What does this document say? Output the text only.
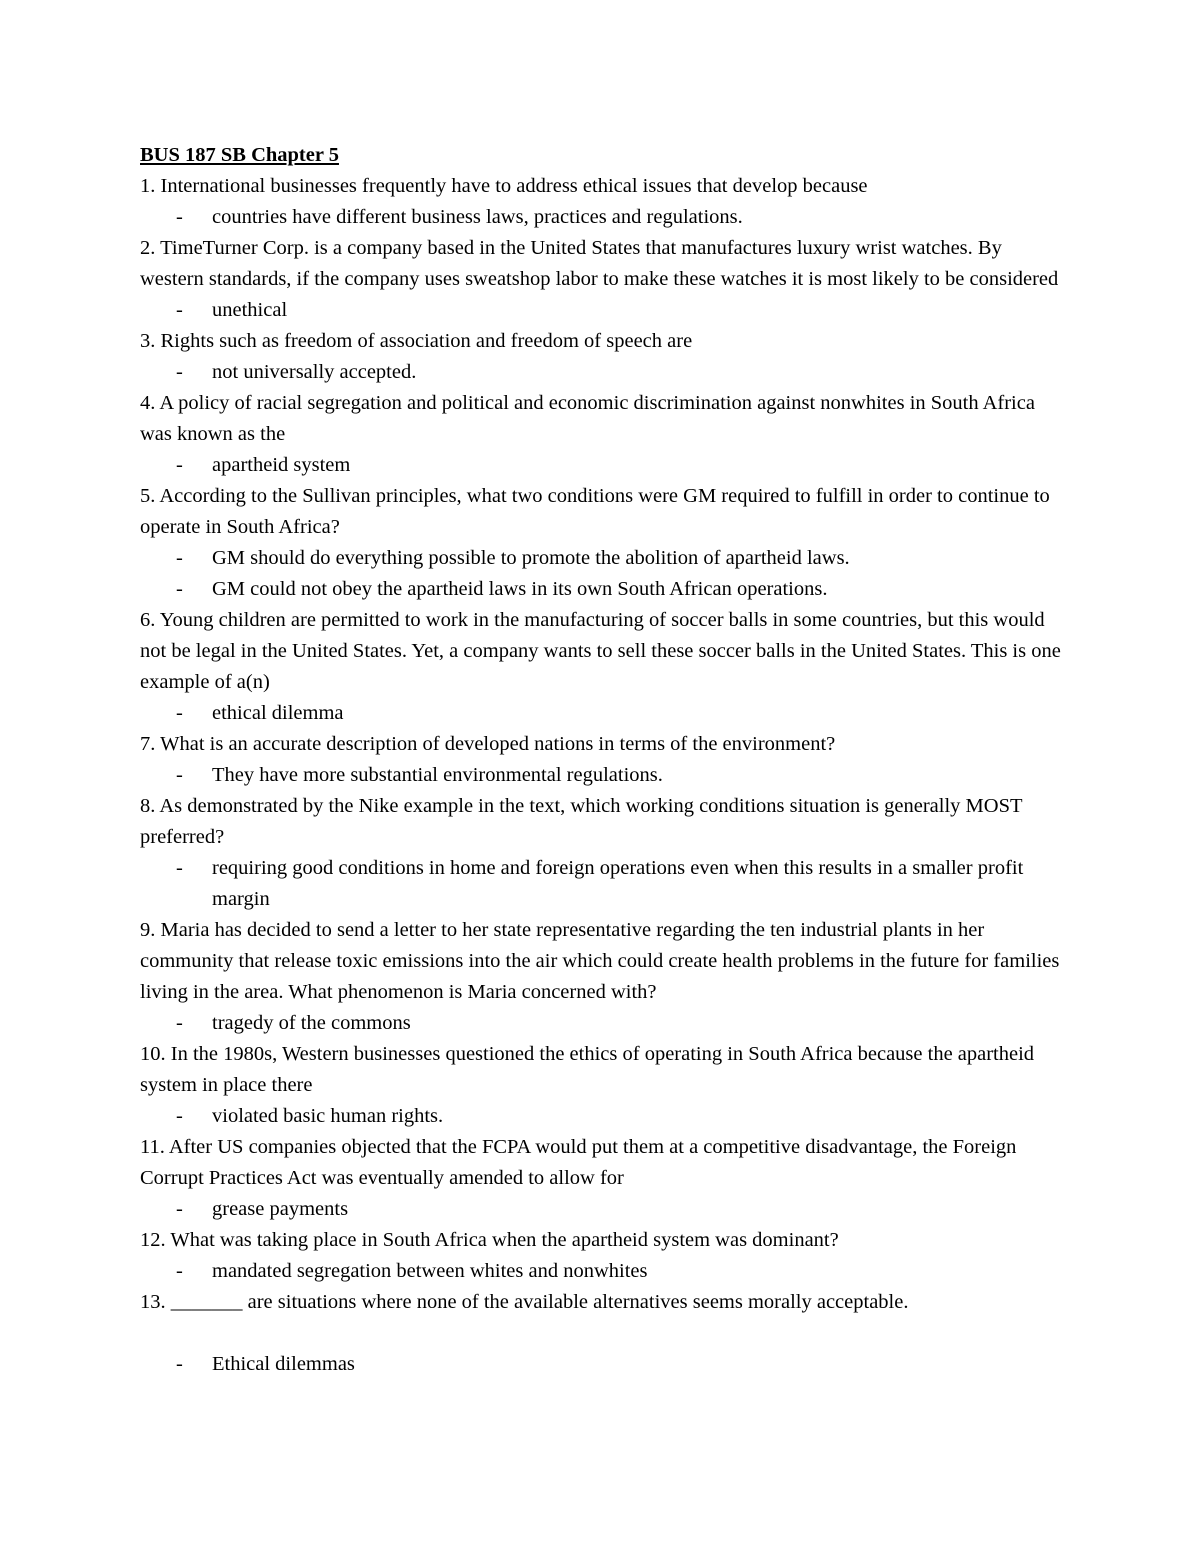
BUS 187 SB Chapter 5

1. International businesses frequently have to address ethical issues that develop because

- countries have different business laws, practices and regulations.

2. TimeTurner Corp. is a company based in the United States that manufactures luxury wrist watches. By western standards, if the company uses sweatshop labor to make these watches it is most likely to be considered

- unethical

3. Rights such as freedom of association and freedom of speech are

- not universally accepted.

4. A policy of racial segregation and political and economic discrimination against nonwhites in South Africa was known as the

- apartheid system

5. According to the Sullivan principles, what two conditions were GM required to fulfill in order to continue to operate in South Africa?

- GM should do everything possible to promote the abolition of apartheid laws.
- GM could not obey the apartheid laws in its own South African operations.

6. Young children are permitted to work in the manufacturing of soccer balls in some countries, but this would not be legal in the United States. Yet, a company wants to sell these soccer balls in the United States. This is one example of a(n)

- ethical dilemma

7. What is an accurate description of developed nations in terms of the environment?

- They have more substantial environmental regulations.

8. As demonstrated by the Nike example in the text, which working conditions situation is generally MOST preferred?

- requiring good conditions in home and foreign operations even when this results in a smaller profit margin

9. Maria has decided to send a letter to her state representative regarding the ten industrial plants in her community that release toxic emissions into the air which could create health problems in the future for families living in the area. What phenomenon is Maria concerned with?

- tragedy of the commons

10. In the 1980s, Western businesses questioned the ethics of operating in South Africa because the apartheid system in place there

- violated basic human rights.

11. After US companies objected that the FCPA would put them at a competitive disadvantage, the Foreign Corrupt Practices Act was eventually amended to allow for

- grease payments

12. What was taking place in South Africa when the apartheid system was dominant?

- mandated segregation between whites and nonwhites

13. _______ are situations where none of the available alternatives seems morally acceptable.

- Ethical dilemmas
